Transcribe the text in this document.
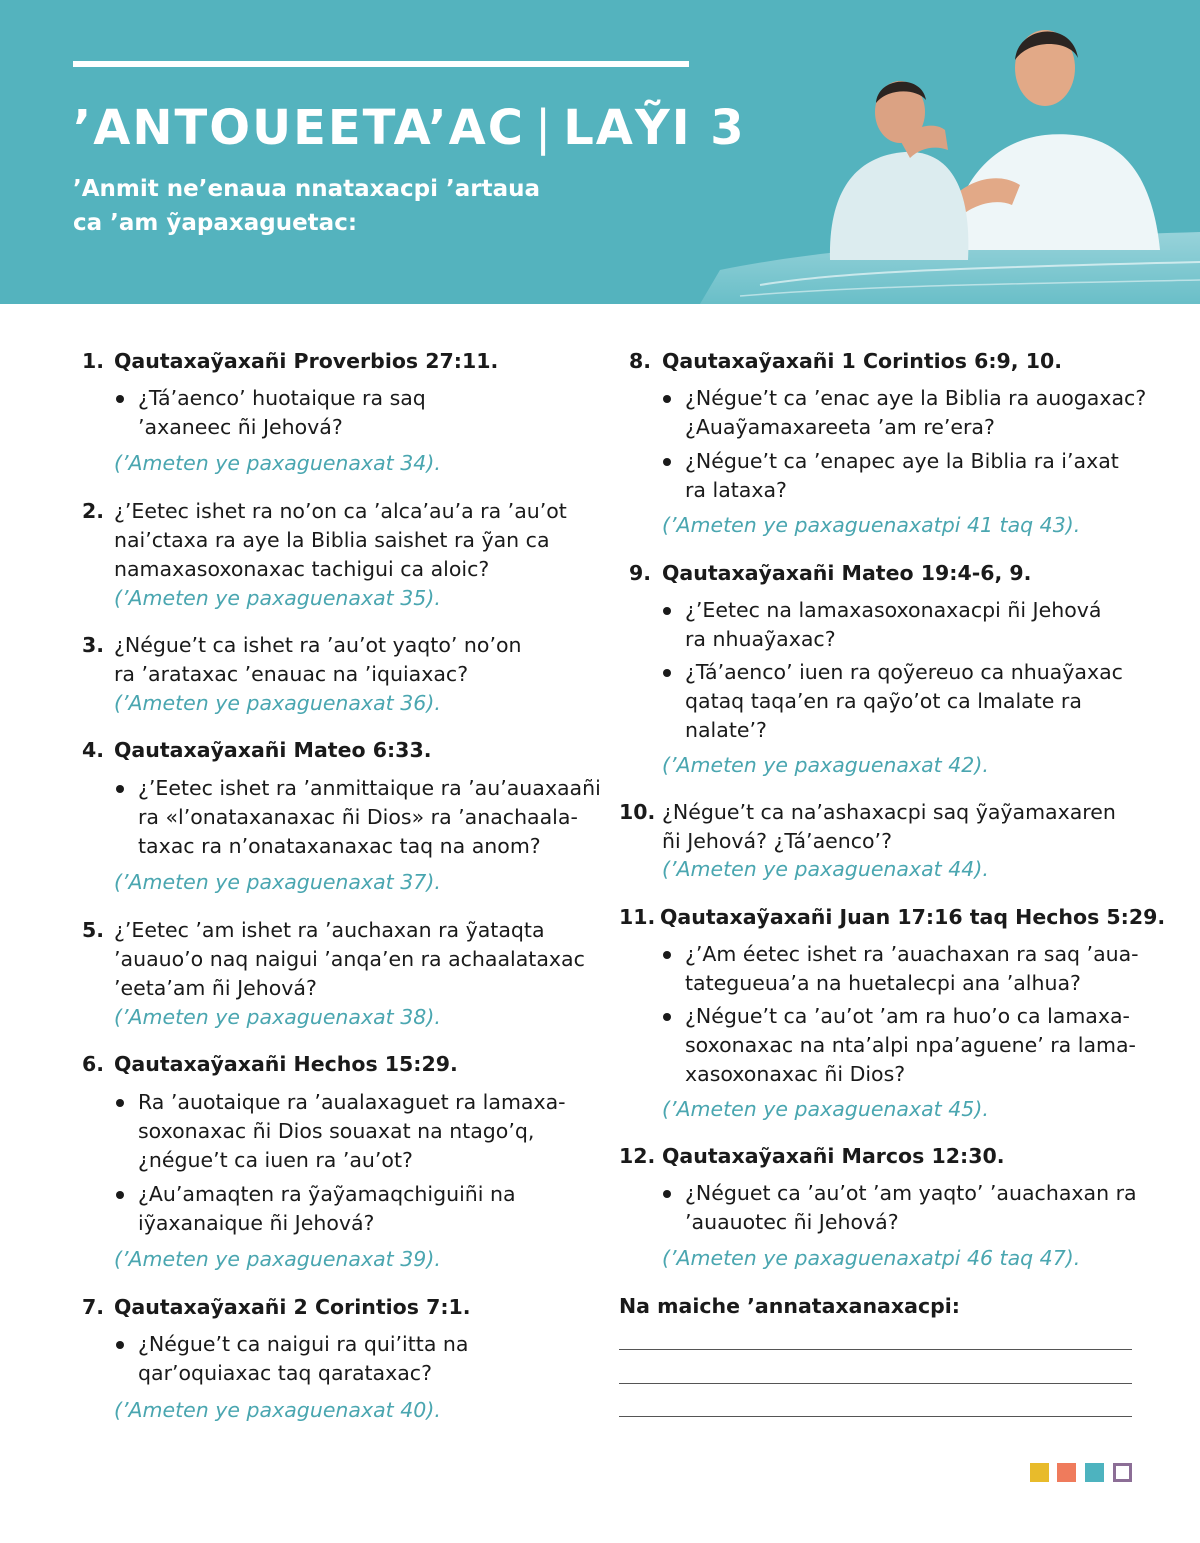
’ANTOUEETA’AC | LAỸI 3
’Anmit ne’enaua nnataxacpi ’artaua
ca ’am ỹapaxaguetac:
1. Qautaxaỹaxañi Proverbios 27:11.
¿Tá’aenco’ huotaique ra saq
’axaneec ñi Jehová?
(’Ameten ye paxaguenaxat 34).
2. ¿’Eetec ishet ra no’on ca ’alca’au’a ra ’au’ot
nai’ctaxa ra aye la Biblia saishet ra ỹan ca
namaxasoxonaxac tachigui ca aloic?
(’Ameten ye paxaguenaxat 35).
3. ¿Négue’t ca ishet ra ’au’ot yaqto’ no’on
ra ’arataxac ’enauac na ’iquiaxac?
(’Ameten ye paxaguenaxat 36).
4. Qautaxaỹaxañi Mateo 6:33.
¿’Eetec ishet ra ’anmittaique ra ’au’auaxaañi
ra «l’onataxanaxac ñi Dios» ra ’anachaala-
taxac ra n’onataxanaxac taq na anom?
(’Ameten ye paxaguenaxat 37).
5. ¿’Eetec ’am ishet ra ’auchaxan ra ỹataqta
’auauo’o naq naigui ’anqa’en ra achaalataxac
’eeta’am ñi Jehová?
(’Ameten ye paxaguenaxat 38).
6. Qautaxaỹaxañi Hechos 15:29.
Ra ’auotaique ra ’aualaxaguet ra lamaxa-
soxonaxac ñi Dios souaxat na ntago’q,
¿négue’t ca iuen ra ’au’ot?
¿Au’amaqten ra ỹaỹamaqchiguiñi na
iỹaxanaique ñi Jehová?
(’Ameten ye paxaguenaxat 39).
7. Qautaxaỹaxañi 2 Corintios 7:1.
¿Négue’t ca naigui ra qui’itta na
qar’oquiaxac taq qarataxac?
(’Ameten ye paxaguenaxat 40).
8. Qautaxaỹaxañi 1 Corintios 6:9, 10.
¿Négue’t ca ’enac aye la Biblia ra auogaxac?
¿Auaỹamaxareeta ’am re’era?
¿Négue’t ca ’enapec aye la Biblia ra i’axat
ra lataxa?
(’Ameten ye paxaguenaxatpi 41 taq 43).
9. Qautaxaỹaxañi Mateo 19:4-6, 9.
¿’Eetec na lamaxasoxonaxacpi ñi Jehová
ra nhuaỹaxac?
¿Tá’aenco’ iuen ra qoỹereuo ca nhuaỹaxac
qataq taqa’en ra qaỹo’ot ca lmalate ra
nalate’?
(’Ameten ye paxaguenaxat 42).
10. ¿Négue’t ca na’ashaxacpi saq ỹaỹamaxaren
ñi Jehová? ¿Tá’aenco’?
(’Ameten ye paxaguenaxat 44).
11. Qautaxaỹaxañi Juan 17:16 taq Hechos 5:29.
¿’Am éetec ishet ra ’auachaxan ra saq ’aua-
tategueua’a na huetalecpi ana ’alhua?
¿Négue’t ca ’au’ot ’am ra huo’o ca lamaxa-
soxonaxac na nta’alpi npa’aguene’ ra lama-
xasoxonaxac ñi Dios?
(’Ameten ye paxaguenaxat 45).
12. Qautaxaỹaxañi Marcos 12:30.
¿Néguet ca ’au’ot ’am yaqto’ ’auachaxan ra
’auauotec ñi Jehová?
(’Ameten ye paxaguenaxatpi 46 taq 47).
Na maiche ’annataxanaxacpi:
